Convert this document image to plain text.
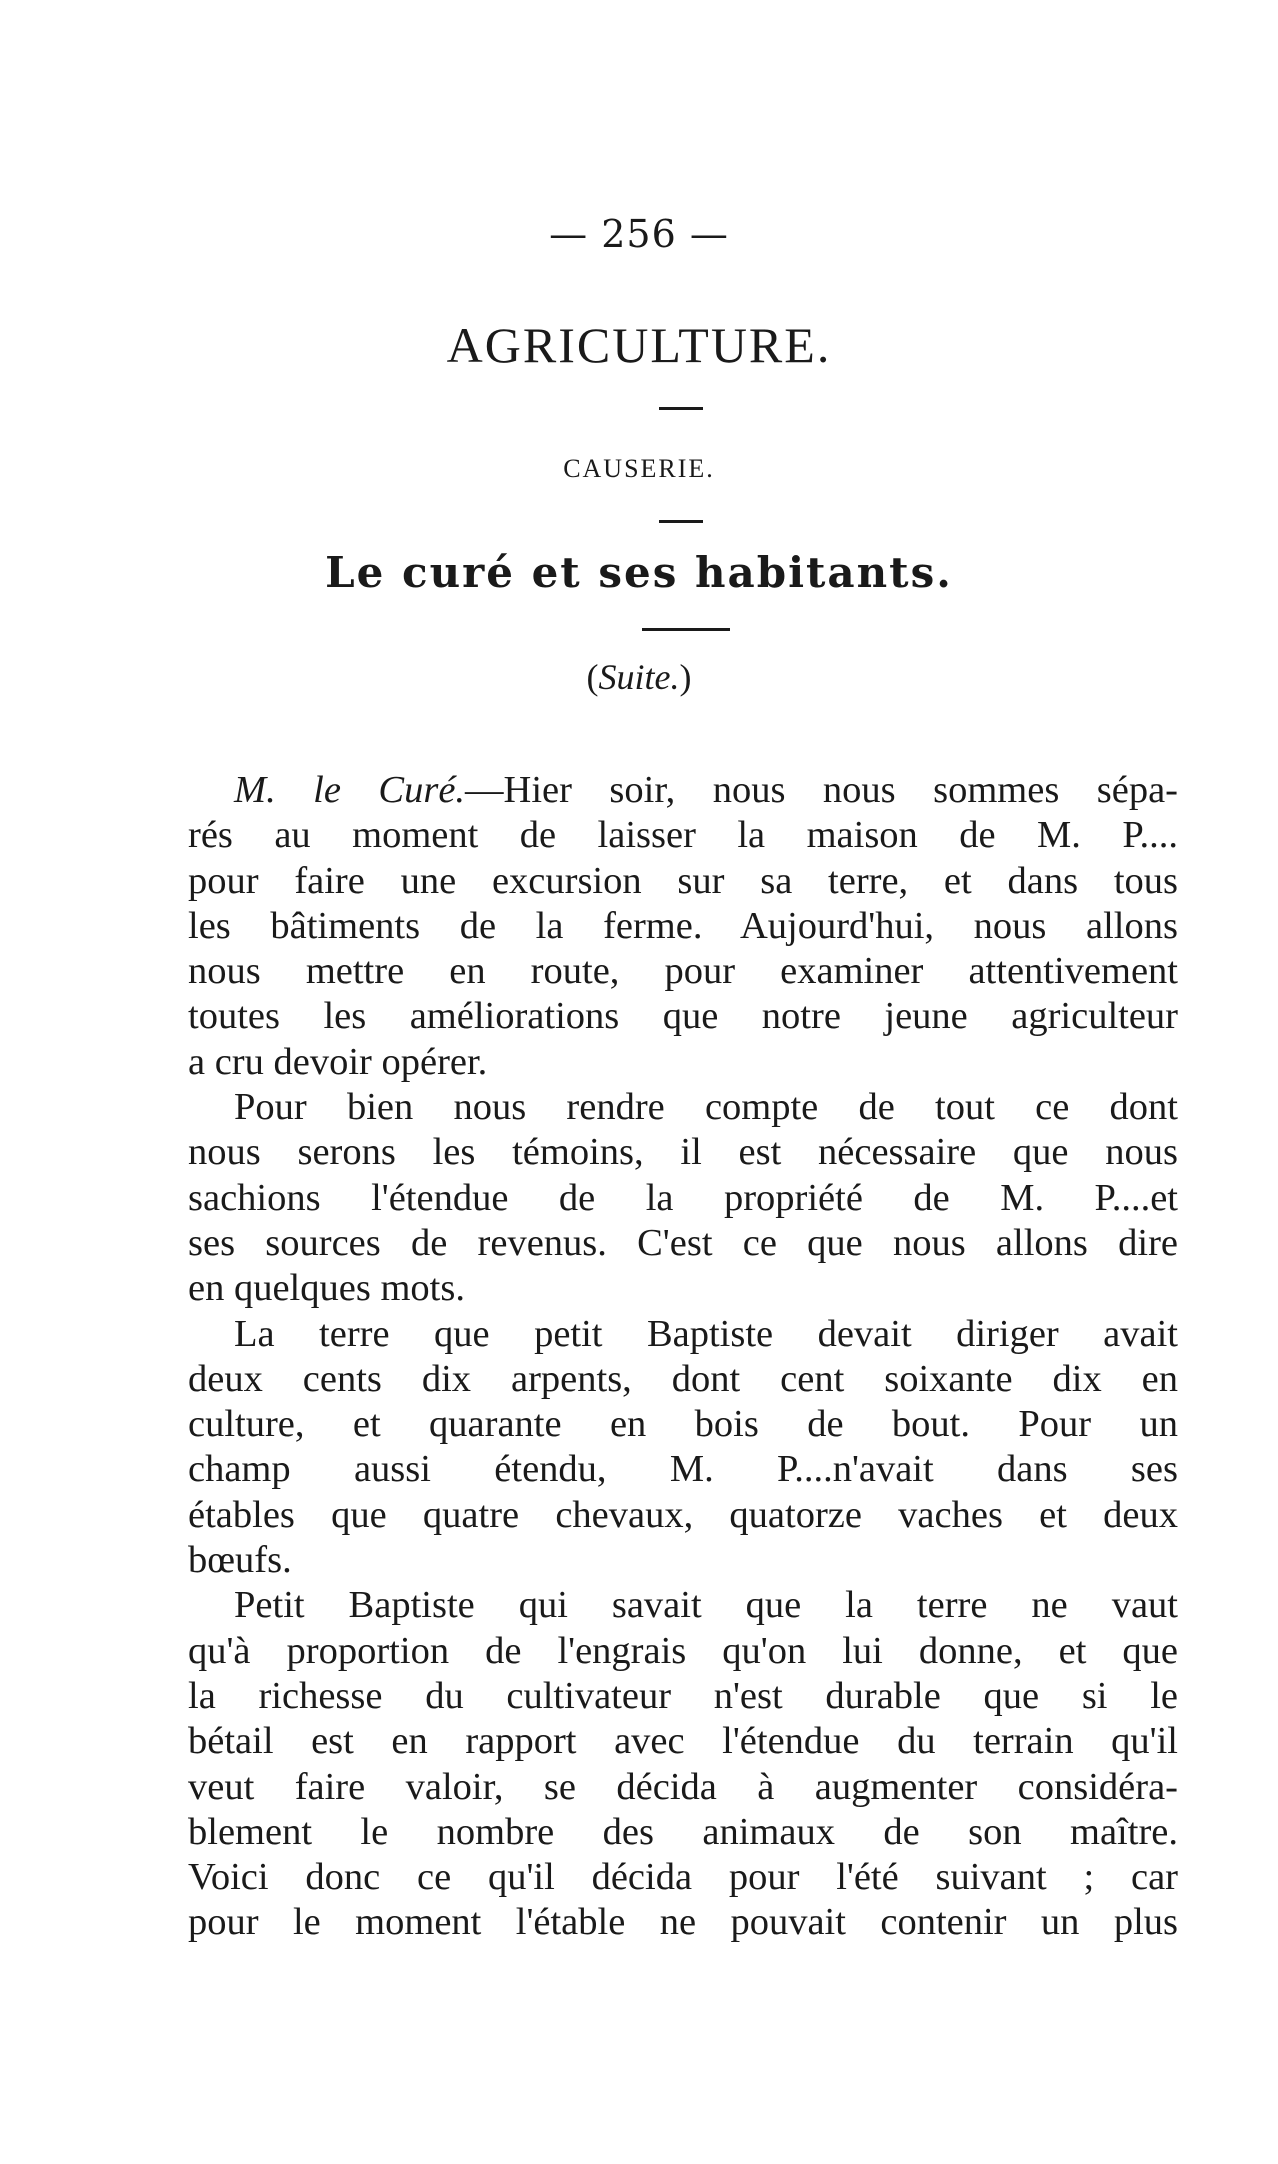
— 256 —
AGRICULTURE.
CAUSERIE.
Le curé et ses habitants.
(Suite.)
M. le Curé.—Hier soir, nous nous sommes sépa-
rés au moment de laisser la maison de M. P....
pour faire une excursion sur sa terre, et dans tous
les bâtiments de la ferme. Aujourd'hui, nous allons
nous mettre en route, pour examiner attentivement
toutes les améliorations que notre jeune agriculteur
a cru devoir opérer.
Pour bien nous rendre compte de tout ce dont
nous serons les témoins, il est nécessaire que nous
sachions l'étendue de la propriété de M. P....et
ses sources de revenus. C'est ce que nous allons dire
en quelques mots.
La terre que petit Baptiste devait diriger avait
deux cents dix arpents, dont cent soixante dix en
culture, et quarante en bois de bout. Pour un
champ aussi étendu, M. P....n'avait dans ses
étables que quatre chevaux, quatorze vaches et deux
bœufs.
Petit Baptiste qui savait que la terre ne vaut
qu'à proportion de l'engrais qu'on lui donne, et que
la richesse du cultivateur n'est durable que si le
bétail est en rapport avec l'étendue du terrain qu'il
veut faire valoir, se décida à augmenter considéra-
blement le nombre des animaux de son maître.
Voici donc ce qu'il décida pour l'été suivant ; car
pour le moment l'étable ne pouvait contenir un plus
